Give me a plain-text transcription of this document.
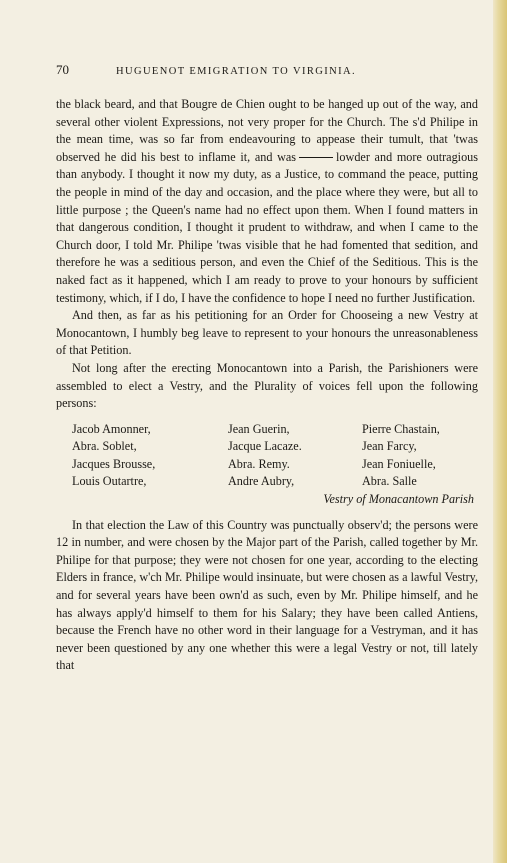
70	HUGUENOT EMIGRATION TO VIRGINIA.

the black beard, and that Bougre de Chien ought to be hanged up out of the way, and several other violent Expressions, not very proper for the Church. The s'd Philipe in the mean time, was so far from endeavouring to appease their tumult, that 'twas observed he did his best to inflame it, and was	lowder and more outragious than anybody. I thought it now my duty, as a Justice, to command the peace, putting the people in mind of the day and occasion, and the place where they were, but all to little purpose ; the Queen's name had no effect upon them. When I found matters in that dangerous condition, I thought it prudent to withdraw, and when I came to the Church door, I told Mr. Philipe 'twas visible that he had fomented that sedition, and therefore he was a seditious person, and even the Chief of the Seditious. This is the naked fact as it happened, which I am ready to prove to your honours by sufficient testimony, which, if I do, I have the confidence to hope I need no further Justification.

And then, as far as his petitioning for an Order for Chooseing a new Vestry at Monocantown, I humbly beg leave to represent to your honours the unreasonableness of that Petition.

Not long after the erecting Monocantown into a Parish, the Parishioners were assembled to elect a Vestry, and the Plurality of voices fell upon the following persons:

Jacob Amonner,	Jean Guerin,	Pierre Chastain,
Abra. Soblet,	Jacque Lacaze.	Jean Farcy,
Jacques Brousse,	Abra. Remy.	Jean Foniuelle,
Louis Outartre,	Andre Aubry,	Abra. Salle
Vestry of Monacantown Parish

In that election the Law of this Country was punctually observ'd; the persons were 12 in number, and were chosen by the Major part of the Parish, called together by Mr. Philipe for that purpose; they were not chosen for one year, according to the electing Elders in france, w'ch Mr. Philipe would insinuate, but were chosen as a lawful Vestry, and for several years have been own'd as such, even by Mr. Philipe himself, and he has always apply'd himself to them for his Salary; they have been called Antiens, because the French have no other word in their language for a Vestryman, and it has never been questioned by any one whether this were a legal Vestry or not, till lately that
